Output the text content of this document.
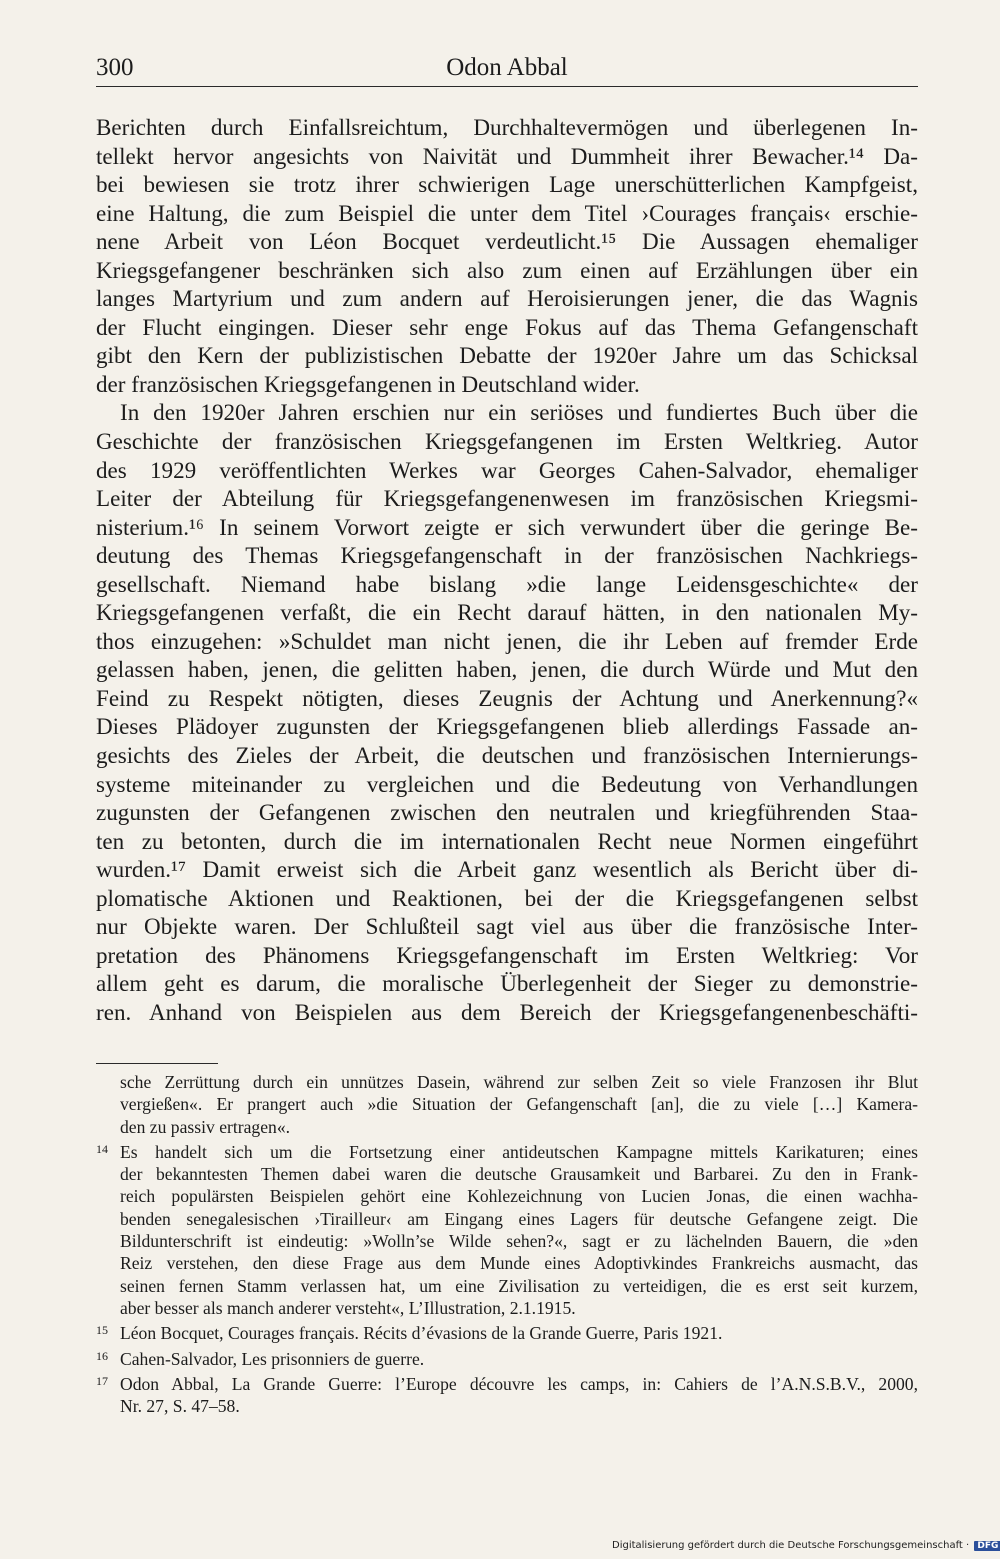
300	Odon Abbal
Berichten durch Einfallsreichtum, Durchhaltevermögen und überlegenen In-
tellekt hervor angesichts von Naivität und Dummheit ihrer Bewacher.¹⁴ Da-
bei bewiesen sie trotz ihrer schwierigen Lage unerschütterlichen Kampfgeist,
eine Haltung, die zum Beispiel die unter dem Titel ›Courages français‹ erschie-
nene Arbeit von Léon Bocquet verdeutlicht.¹⁵ Die Aussagen ehemaliger
Kriegsgefangener beschränken sich also zum einen auf Erzählungen über ein
langes Martyrium und zum andern auf Heroisierungen jener, die das Wagnis
der Flucht eingingen. Dieser sehr enge Fokus auf das Thema Gefangenschaft
gibt den Kern der publizistischen Debatte der 1920er Jahre um das Schicksal
der französischen Kriegsgefangenen in Deutschland wider.
In den 1920er Jahren erschien nur ein seriöses und fundiertes Buch über die
Geschichte der französischen Kriegsgefangenen im Ersten Weltkrieg. Autor
des 1929 veröffentlichten Werkes war Georges Cahen-Salvador, ehemaliger
Leiter der Abteilung für Kriegsgefangenenwesen im französischen Kriegsmi-
nisterium.¹⁶ In seinem Vorwort zeigte er sich verwundert über die geringe Be-
deutung des Themas Kriegsgefangenschaft in der französischen Nachkriegs-
gesellschaft. Niemand habe bislang »die lange Leidensgeschichte« der
Kriegsgefangenen verfaßt, die ein Recht darauf hätten, in den nationalen My-
thos einzugehen: »Schuldet man nicht jenen, die ihr Leben auf fremder Erde
gelassen haben, jenen, die gelitten haben, jenen, die durch Würde und Mut den
Feind zu Respekt nötigten, dieses Zeugnis der Achtung und Anerkennung?«
Dieses Plädoyer zugunsten der Kriegsgefangenen blieb allerdings Fassade an-
gesichts des Zieles der Arbeit, die deutschen und französischen Internierungs-
systeme miteinander zu vergleichen und die Bedeutung von Verhandlungen
zugunsten der Gefangenen zwischen den neutralen und kriegführenden Staa-
ten zu betonten, durch die im internationalen Recht neue Normen eingeführt
wurden.¹⁷ Damit erweist sich die Arbeit ganz wesentlich als Bericht über di-
plomatische Aktionen und Reaktionen, bei der die Kriegsgefangenen selbst
nur Objekte waren. Der Schlußteil sagt viel aus über die französische Inter-
pretation des Phänomens Kriegsgefangenschaft im Ersten Weltkrieg: Vor
allem geht es darum, die moralische Überlegenheit der Sieger zu demonstrie-
ren. Anhand von Beispielen aus dem Bereich der Kriegsgefangenenbeschäfti-
sche Zerrüttung durch ein unnützes Dasein, während zur selben Zeit so viele Franzosen ihr Blut
vergießen«. Er prangert auch »die Situation der Gefangenschaft [an], die zu viele […] Kamera-
den zu passiv ertragen«.
14 Es handelt sich um die Fortsetzung einer antideutschen Kampagne mittels Karikaturen; eines
der bekanntesten Themen dabei waren die deutsche Grausamkeit und Barbarei. Zu den in Frank-
reich populärsten Beispielen gehört eine Kohlezeichnung von Lucien Jonas, die einen wachha-
benden senegalesischen ›Tirailleur‹ am Eingang eines Lagers für deutsche Gefangene zeigt. Die
Bildunterschrift ist eindeutig: »Wolln’se Wilde sehen?«, sagt er zu lächelnden Bauern, die »den
Reiz verstehen, den diese Frage aus dem Munde eines Adoptivkindes Frankreichs ausmacht, das
seinen fernen Stamm verlassen hat, um eine Zivilisation zu verteidigen, die es erst seit kurzem,
aber besser als manch anderer versteht«, L’Illustration, 2.1.1915.
15 Léon Bocquet, Courages français. Récits d’évasions de la Grande Guerre, Paris 1921.
16 Cahen-Salvador, Les prisonniers de guerre.
17 Odon Abbal, La Grande Guerre: l’Europe découvre les camps, in: Cahiers de l’A.N.S.B.V., 2000,
Nr. 27, S. 47–58.
Digitalisierung gefördert durch die Deutsche Forschungsgemeinschaft · DFG
